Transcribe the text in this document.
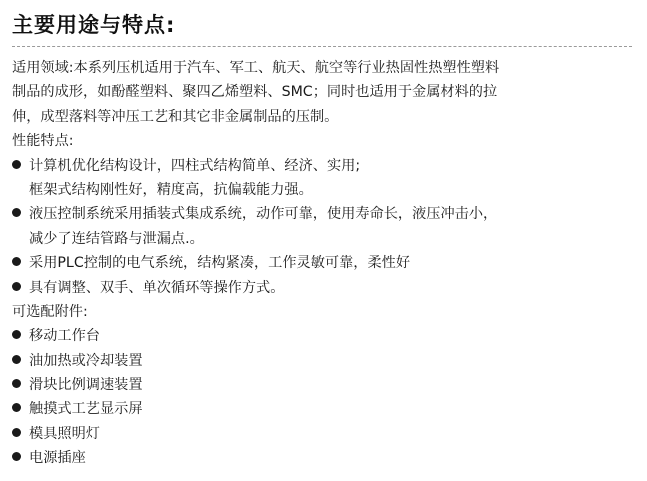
主要用途与特点:
适用领域:本系列压机适用于汽车、军工、航天、航空等行业热固性热塑性塑料
制品的成形，如酚醛塑料、聚四乙烯塑料、SMC；同时也适用于金属材料的拉
伸，成型落料等冲压工艺和其它非金属制品的压制。
性能特点:
计算机优化结构设计，四柱式结构简单、经济、实用;
框架式结构刚性好，精度高，抗偏载能力强。
液压控制系统采用插装式集成系统，动作可靠，使用寿命长，液压冲击小，
减少了连结管路与泄漏点.。
采用PLC控制的电气系统，结构紧凑，工作灵敏可靠，柔性好
具有调整、双手、单次循环等操作方式。
可选配附件:
移动工作台
油加热或冷却装置
滑块比例调速装置
触摸式工艺显示屏
模具照明灯
电源插座
